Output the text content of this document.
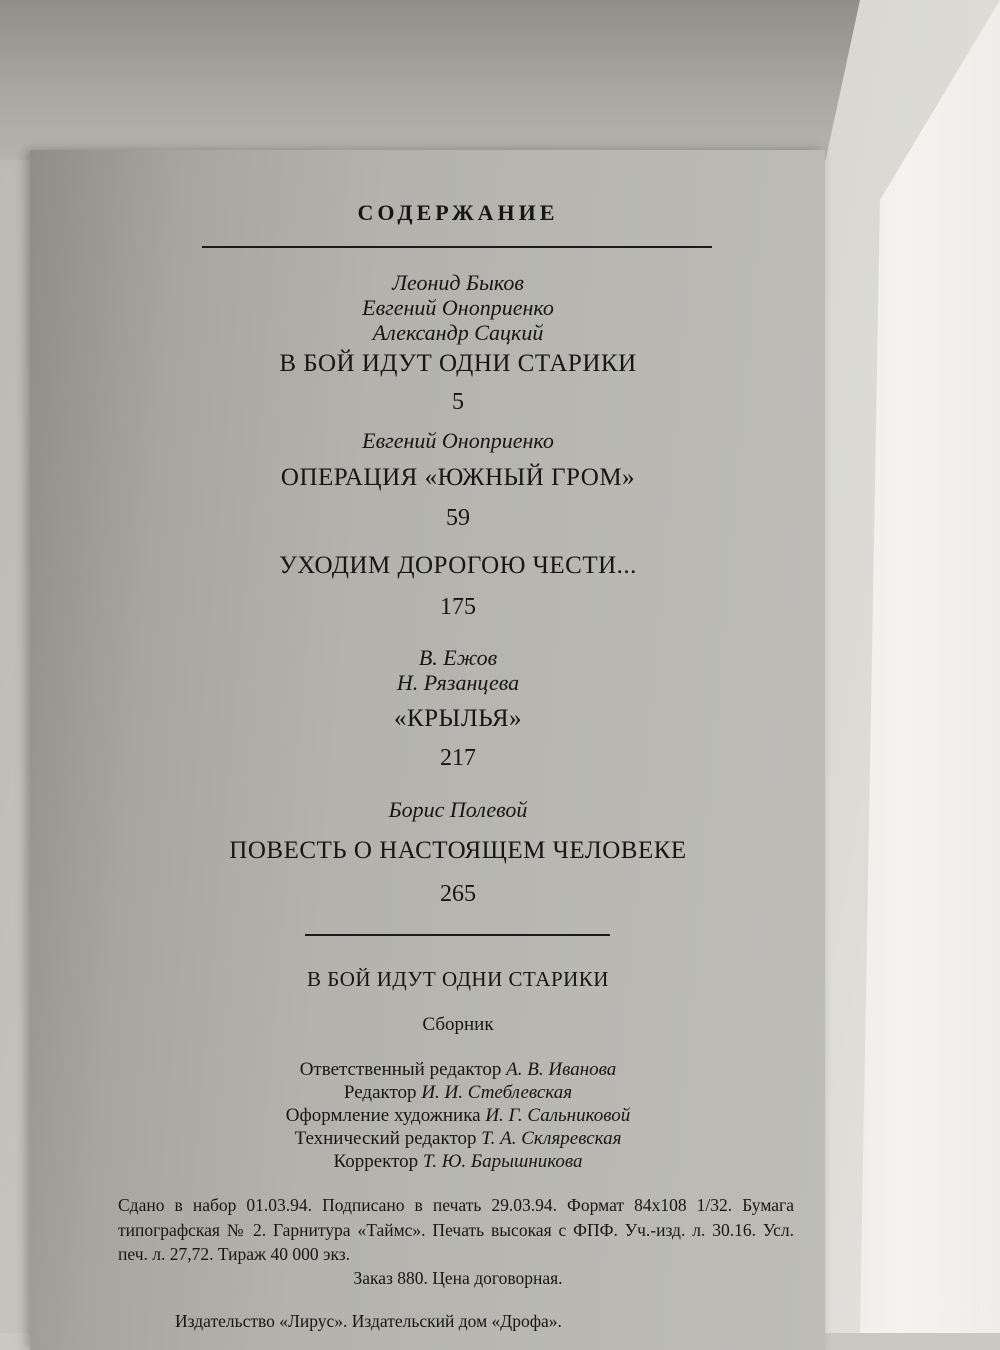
СОДЕРЖАНИЕ
Леонид Быков
Евгений Оноприенко
Александр Сацкий
В БОЙ ИДУТ ОДНИ СТАРИКИ
5
Евгений Оноприенко
ОПЕРАЦИЯ «ЮЖНЫЙ ГРОМ»
59
УХОДИМ ДОРОГОЮ ЧЕСТИ...
175
В. Ежов
Н. Рязанцева
«КРЫЛЬЯ»
217
Борис Полевой
ПОВЕСТЬ О НАСТОЯЩЕМ ЧЕЛОВЕКЕ
265
В БОЙ ИДУТ ОДНИ СТАРИКИ
Сборник
Ответственный редактор А. В. Иванова
Редактор И. И. Стеблевская
Оформление художника И. Г. Сальниковой
Технический редактор Т. А. Скляревская
Корректор Т. Ю. Барышникова
Сдано в набор 01.03.94. Подписано в печать 29.03.94. Формат 84x108 1/32. Бумага типографская № 2. Гарнитура «Таймс». Печать высокая с ФПФ. Уч.-изд. л. 30.16. Усл. печ. л. 27,72. Тираж 40 000 экз.
Заказ 880. Цена договорная.
Издательство «Лирус». Издательский дом «Дрофа».
www.ay.by
